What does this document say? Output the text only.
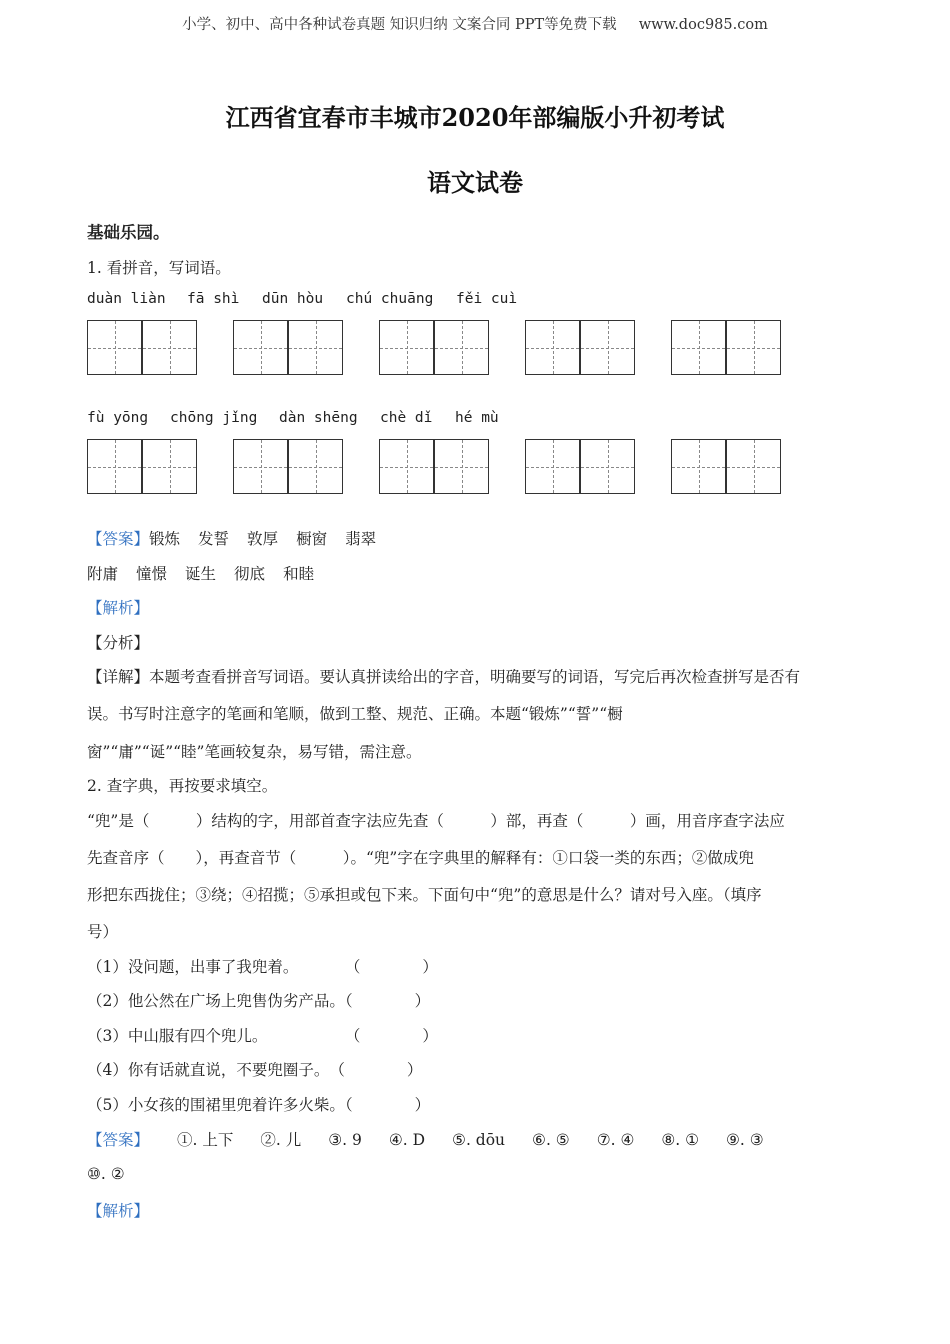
小学、初中、高中各种试卷真题 知识归纳 文案合同 PPT等免费下载 www.doc985.com
江西省宜春市丰城市2020年部编版小升初考试
语文试卷
基础乐园。
1. 看拼音，写词语。
duàn liàn fā shì dūn hòu chú chuāng fěi cuì
fù yōng chōng jǐng dàn shēng chè dǐ hé mù
【答案】锻炼 发誓 敦厚 橱窗 翡翠
附庸 憧憬 诞生 彻底 和睦
【解析】
【分析】
【详解】本题考查看拼音写词语。要认真拼读给出的字音，明确要写的词语，写完后再次检查拼写是否有
误。书写时注意字的笔画和笔顺，做到工整、规范、正确。本题“锻炼”“誓”“橱
窗”“庸”“诞”“睦”笔画较复杂，易写错，需注意。
2. 查字典，再按要求填空。
“兜”是（　　　）结构的字，用部首查字法应先查（　　　）部，再查（　　　）画，用音序查字法应
先查音序（　　），再查音节（　　　）。“兜”字在字典里的解释有：①口袋一类的东西；②做成兜
形把东西拢住；③绕；④招揽；⑤承担或包下来。下面句中“兜”的意思是什么？请对号入座。（填序
号）
（1）没问题，出事了我兜着。　　　　（　　　　）
（2）他公然在广场上兜售伪劣产品。（　　　　）
（3）中山服有四个兜儿。　　　　　　（　　　　）
（4）你有话就直说，不要兜圈子。　（　　　　）
（5）小女孩的围裙里兜着许多火柴。（　　　　）
【答案】 ①. 上下 ②. 儿 ③. 9 ④. D ⑤. dōu ⑥. ⑤ ⑦. ④ ⑧. ① ⑨. ③
⑩. ②
【解析】
